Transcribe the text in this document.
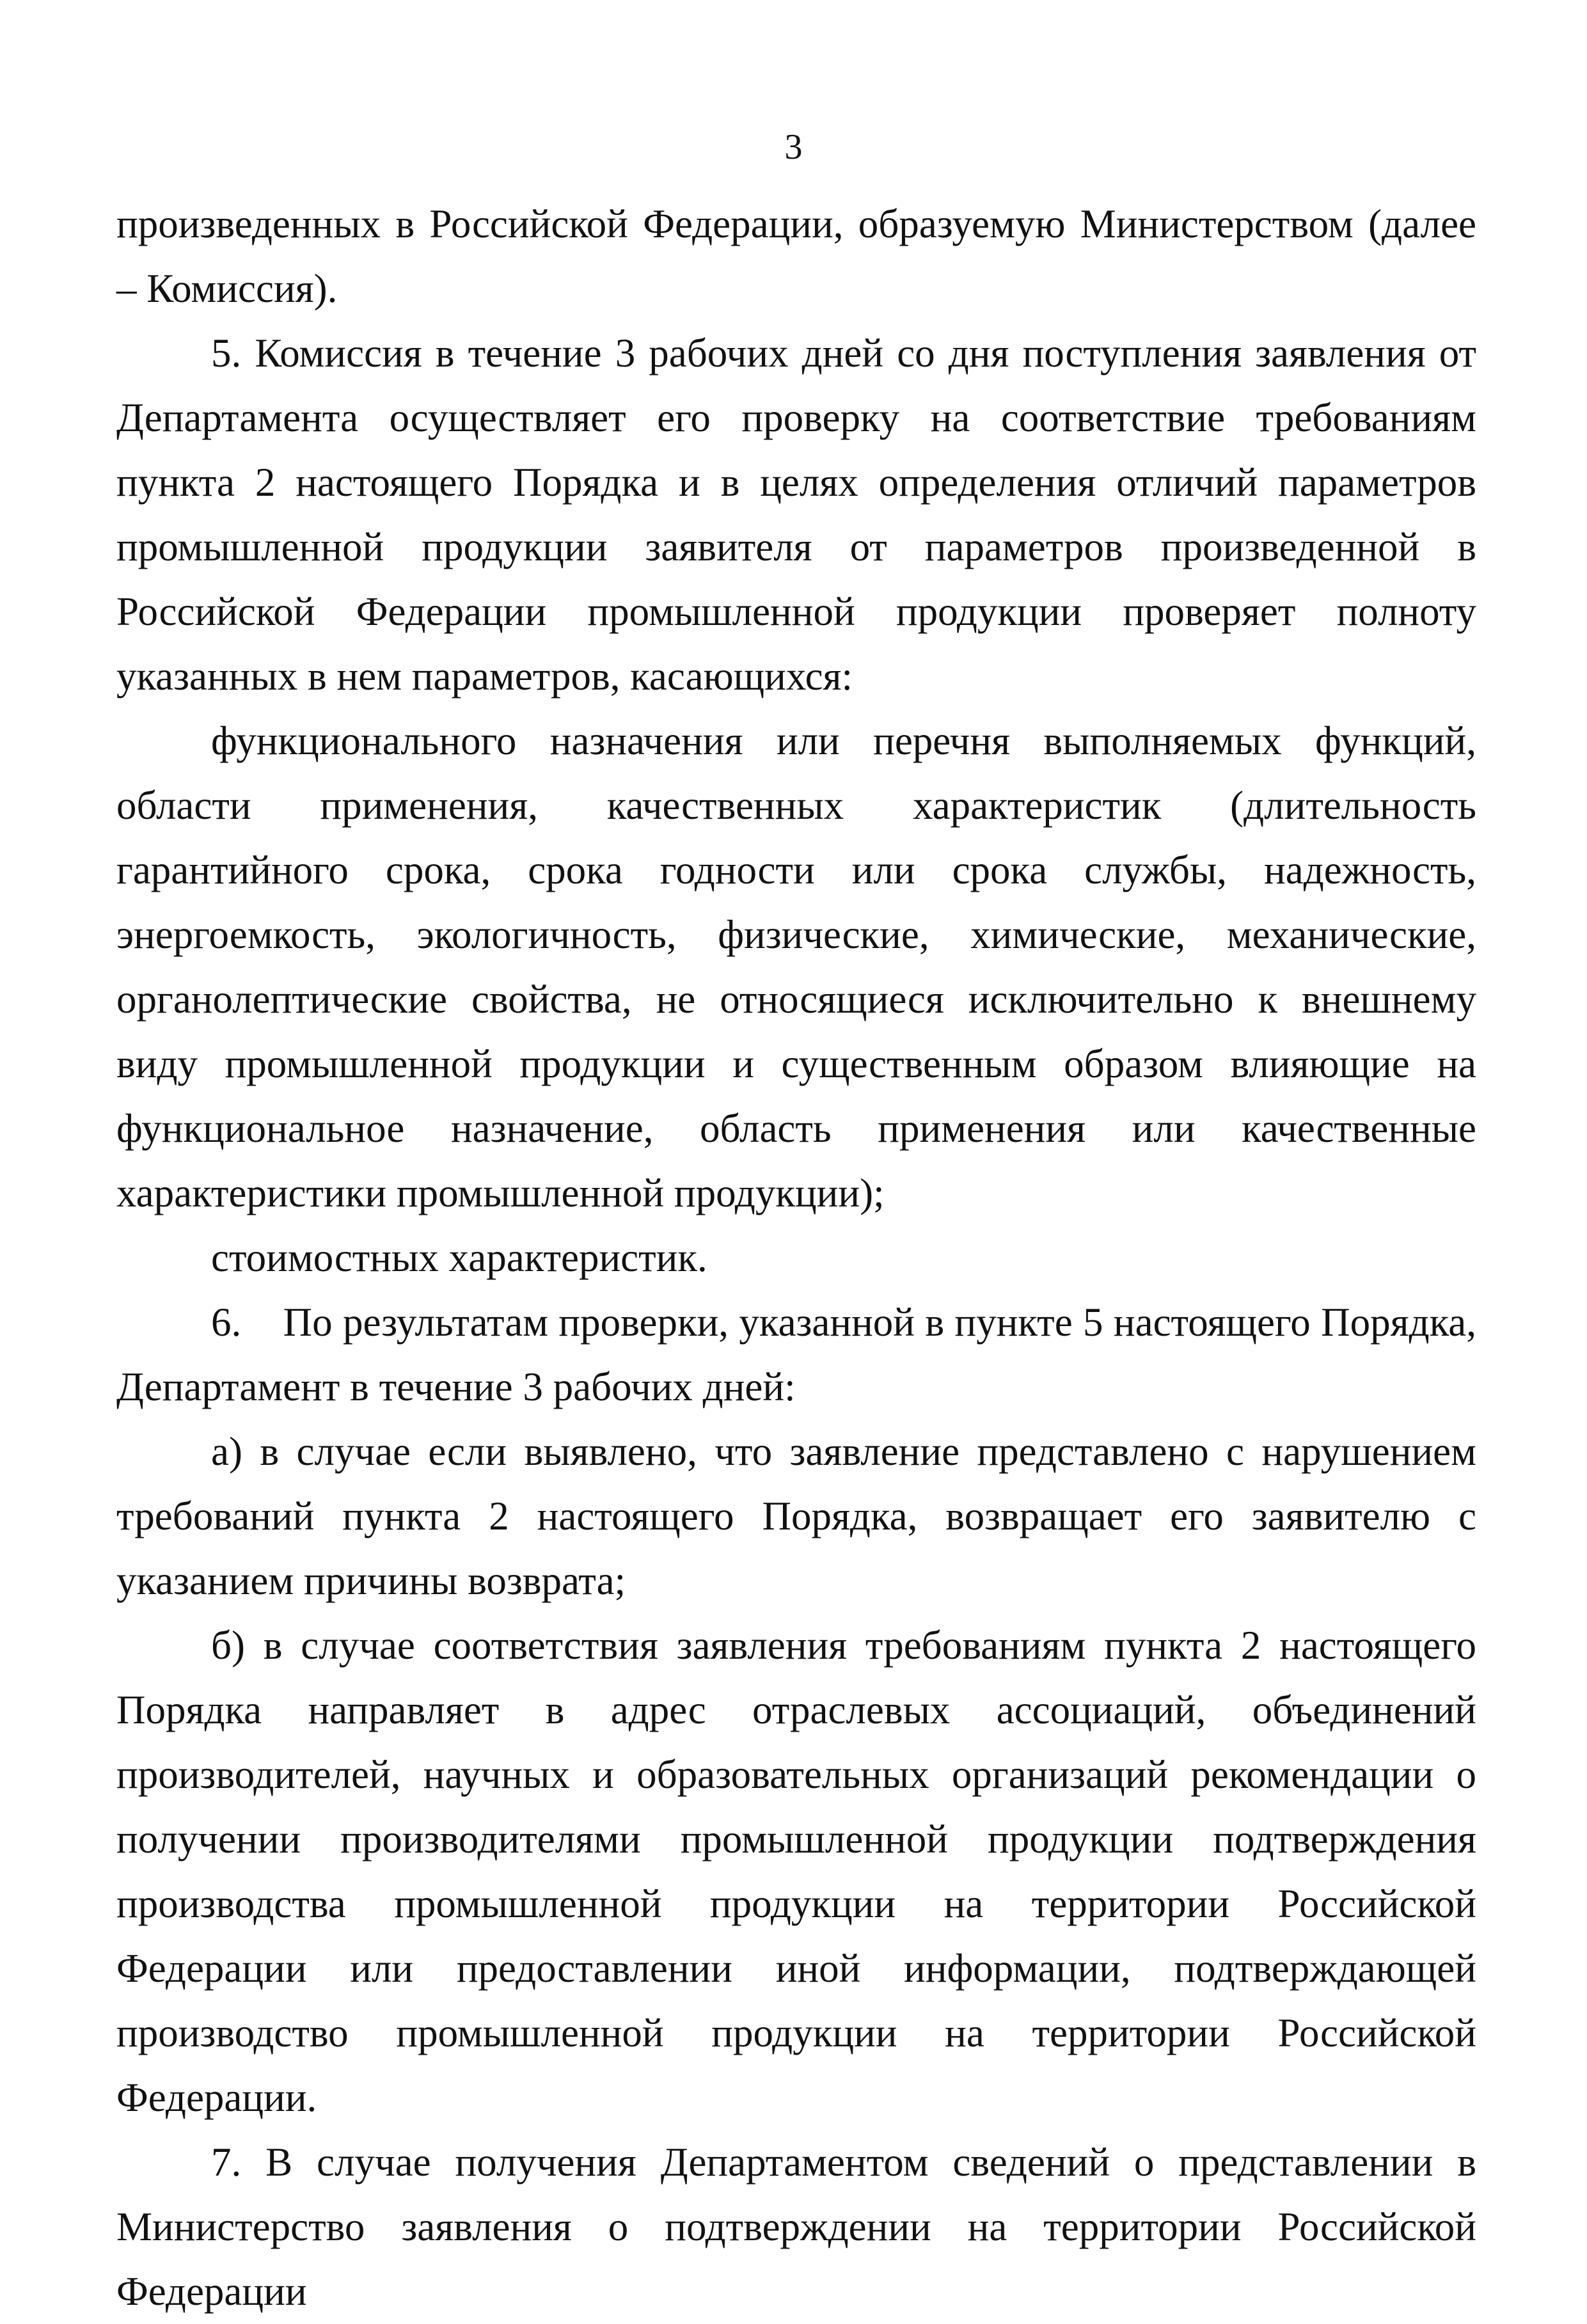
3

произведенных в Российской Федерации, образуемую Министерством (далее – Комиссия).

5. Комиссия в течение 3 рабочих дней со дня поступления заявления от Департамента осуществляет его проверку на соответствие требованиям пункта 2 настоящего Порядка и в целях определения отличий параметров промышленной продукции заявителя от параметров произведенной в Российской Федерации промышленной продукции проверяет полноту указанных в нем параметров, касающихся:

функционального назначения или перечня выполняемых функций, области применения, качественных характеристик (длительность гарантийного срока, срока годности или срока службы, надежность, энергоемкость, экологичность, физические, химические, механические, органолептические свойства, не относящиеся исключительно к внешнему виду промышленной продукции и существенным образом влияющие на функциональное назначение, область применения или качественные характеристики промышленной продукции);

стоимостных характеристик.

6.    По результатам проверки, указанной в пункте 5 настоящего Порядка, Департамент в течение 3 рабочих дней:

а) в случае если выявлено, что заявление представлено с нарушением требований пункта 2 настоящего Порядка, возвращает его заявителю с указанием причины возврата;

б) в случае соответствия заявления требованиям пункта 2 настоящего Порядка направляет в адрес отраслевых ассоциаций, объединений производителей, научных и образовательных организаций рекомендации о получении производителями промышленной продукции подтверждения производства промышленной продукции на территории Российской Федерации или предоставлении иной информации, подтверждающей производство промышленной продукции на территории Российской Федерации.

7. В случае получения Департаментом сведений о представлении в Министерство заявления о подтверждении на территории Российской Федерации
